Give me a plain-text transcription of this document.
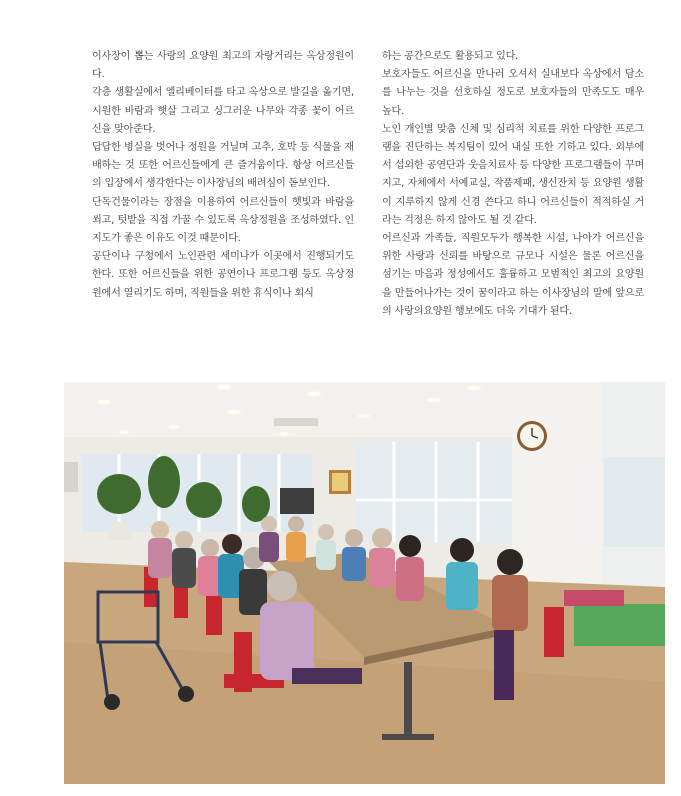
이사장이 뽑는 사랑의 요양원 최고의 자랑거리는 옥상정원이다.

각층 생활실에서 엘리베이터를 타고 옥상으로 발길을 옮기면, 시원한 바람과 햇살 그리고 싱그러운 나무와 각종 꽃이 어르신을 맞아준다.

답답한 병실을 벗어나 정원을 거닐며 고추, 호박 등 식물을 재배하는 것 또한 어르신들에게 큰 즐거움이다. 항상 어르신들의 입장에서 생각한다는 이사장님의 배려심이 돋보인다.

단독건물이라는 장점을 이용하여 어르신들이 햇빛과 바람을 쐬고, 텃밭을 직접 가꿀 수 있도록 옥상정원을 조성하였다. 인지도가 좋은 이유도 이것 때문이다.

공단이나 구청에서 노인관련 세미나가 이곳에서 진행되기도 한다. 또한 어르신들을 위한 공연이나 프로그램 등도 옥상정원에서 열리기도 하며, 직원들을 위한 휴식이나 회식

하는 공간으로도 활용되고 있다.

보호자들도 어르신을 만나러 오셔서 실내보다 옥상에서 담소를 나누는 것을 선호하실 정도로 보호자들의 만족도도 매우 높다.

노인 개인별 맞춤 신체 및 심리적 치료를 위한 다양한 프로그램을 진단하는 복지팀이 있어 내실 또한 기하고 있다. 외부에서 섭외한 공연단과 웃음치료사 등 다양한 프로그램들이 꾸며지고, 자체에서 서예교실, 작품제패, 생신잔치 등 요양원 생활이 지루하지 않게 신경 쓴다고 하니 어르신들이 적적하실 거라는 걱정은 하지 않아도 될 것 같다.

어르신과 가족들, 직원모두가 행복한 시설, 나아가 어르신을 위한 사랑과 신뢰를 바탕으로 규모나 시설은 물론 어르신을 섬기는 마음과 정성에서도 훌륭하고 모범적인 최고의 요양원을 만들어나가는 것이 꿈이라고 하는 이사장님의 말에 앞으로의 사랑의요양원 행보에도 더욱 기대가 된다.
